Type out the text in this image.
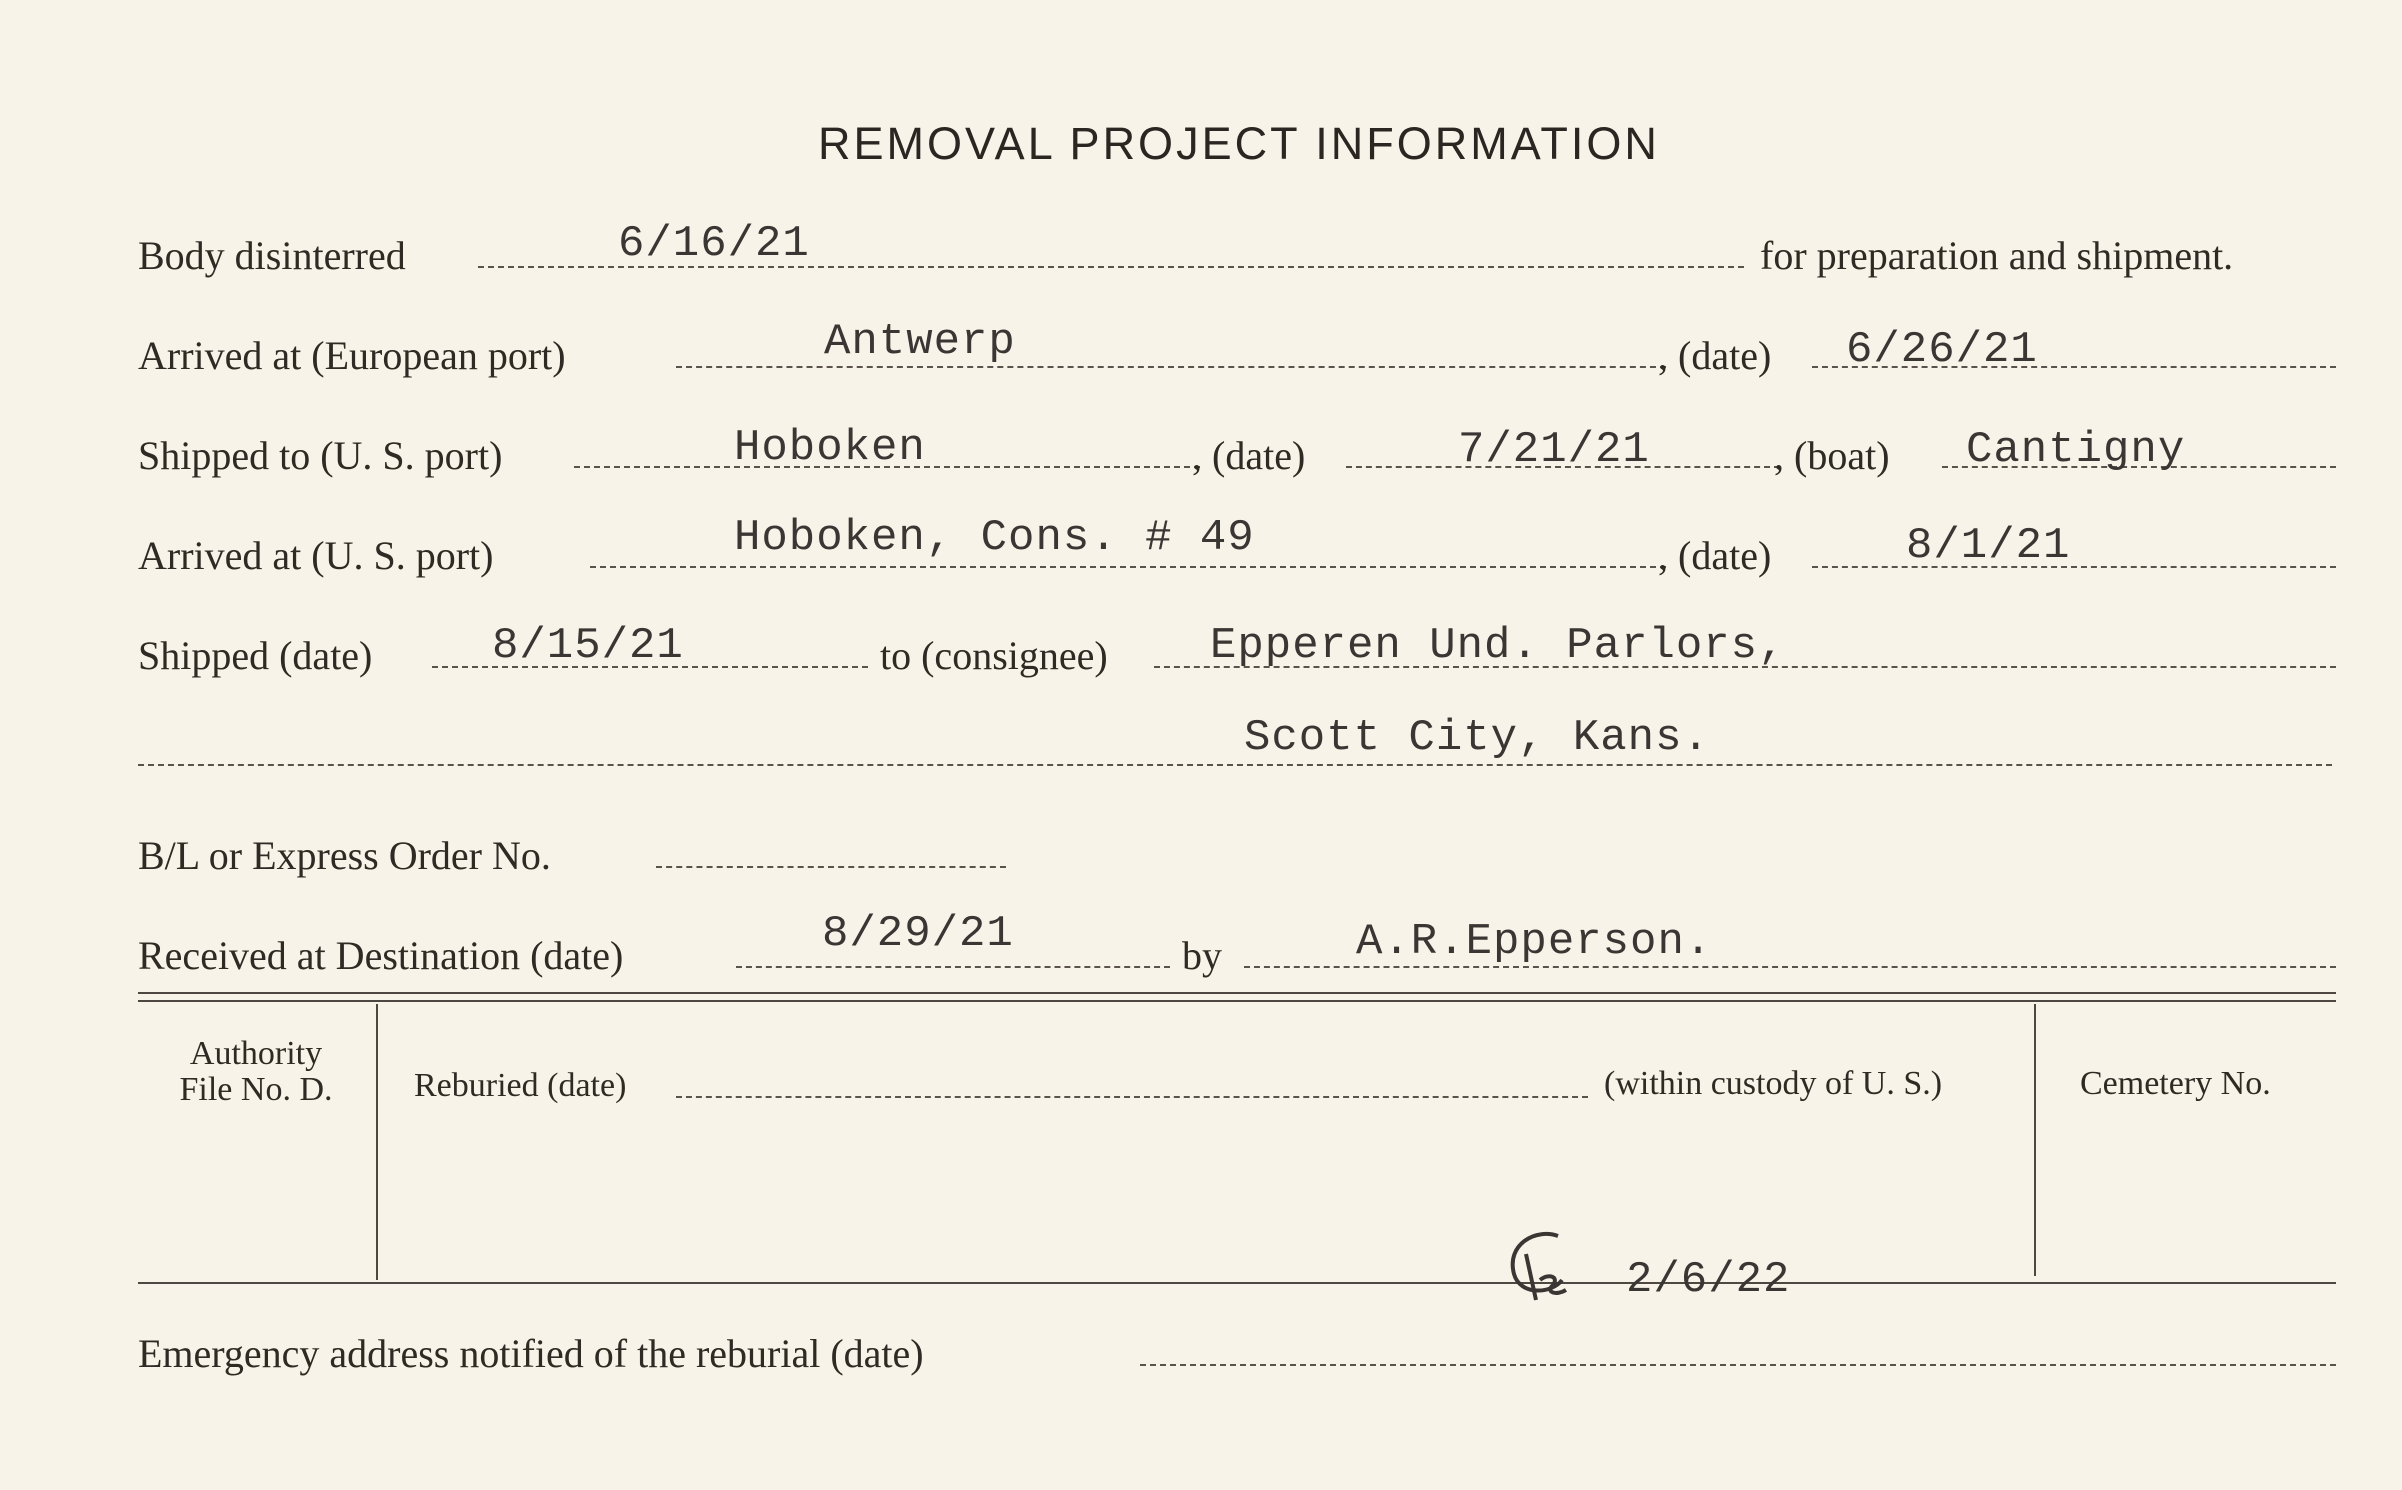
REMOVAL PROJECT INFORMATION
Body disinterred	6/16/21	for preparation and shipment.
Arrived at (European port)	Antwerp	, (date) 6/26/21
Shipped to (U. S. port)	Hoboken	, (date)	7/21/21	, (boat) Cantigny
Arrived at (U. S. port)	Hoboken, Cons. # 49	, (date)	8/1/21
Shipped (date)	8/15/21	to (consignee) Epperen Und. Parlors,
Scott City, Kans.
B/L or Express Order No.
Received at Destination (date)	8/29/21	by	A.R.Epperson.
Authority
File No. D.	Reburied (date)	(within custody of U. S.)	Cemetery No.
2/6/22
Emergency address notified of the reburial (date)
